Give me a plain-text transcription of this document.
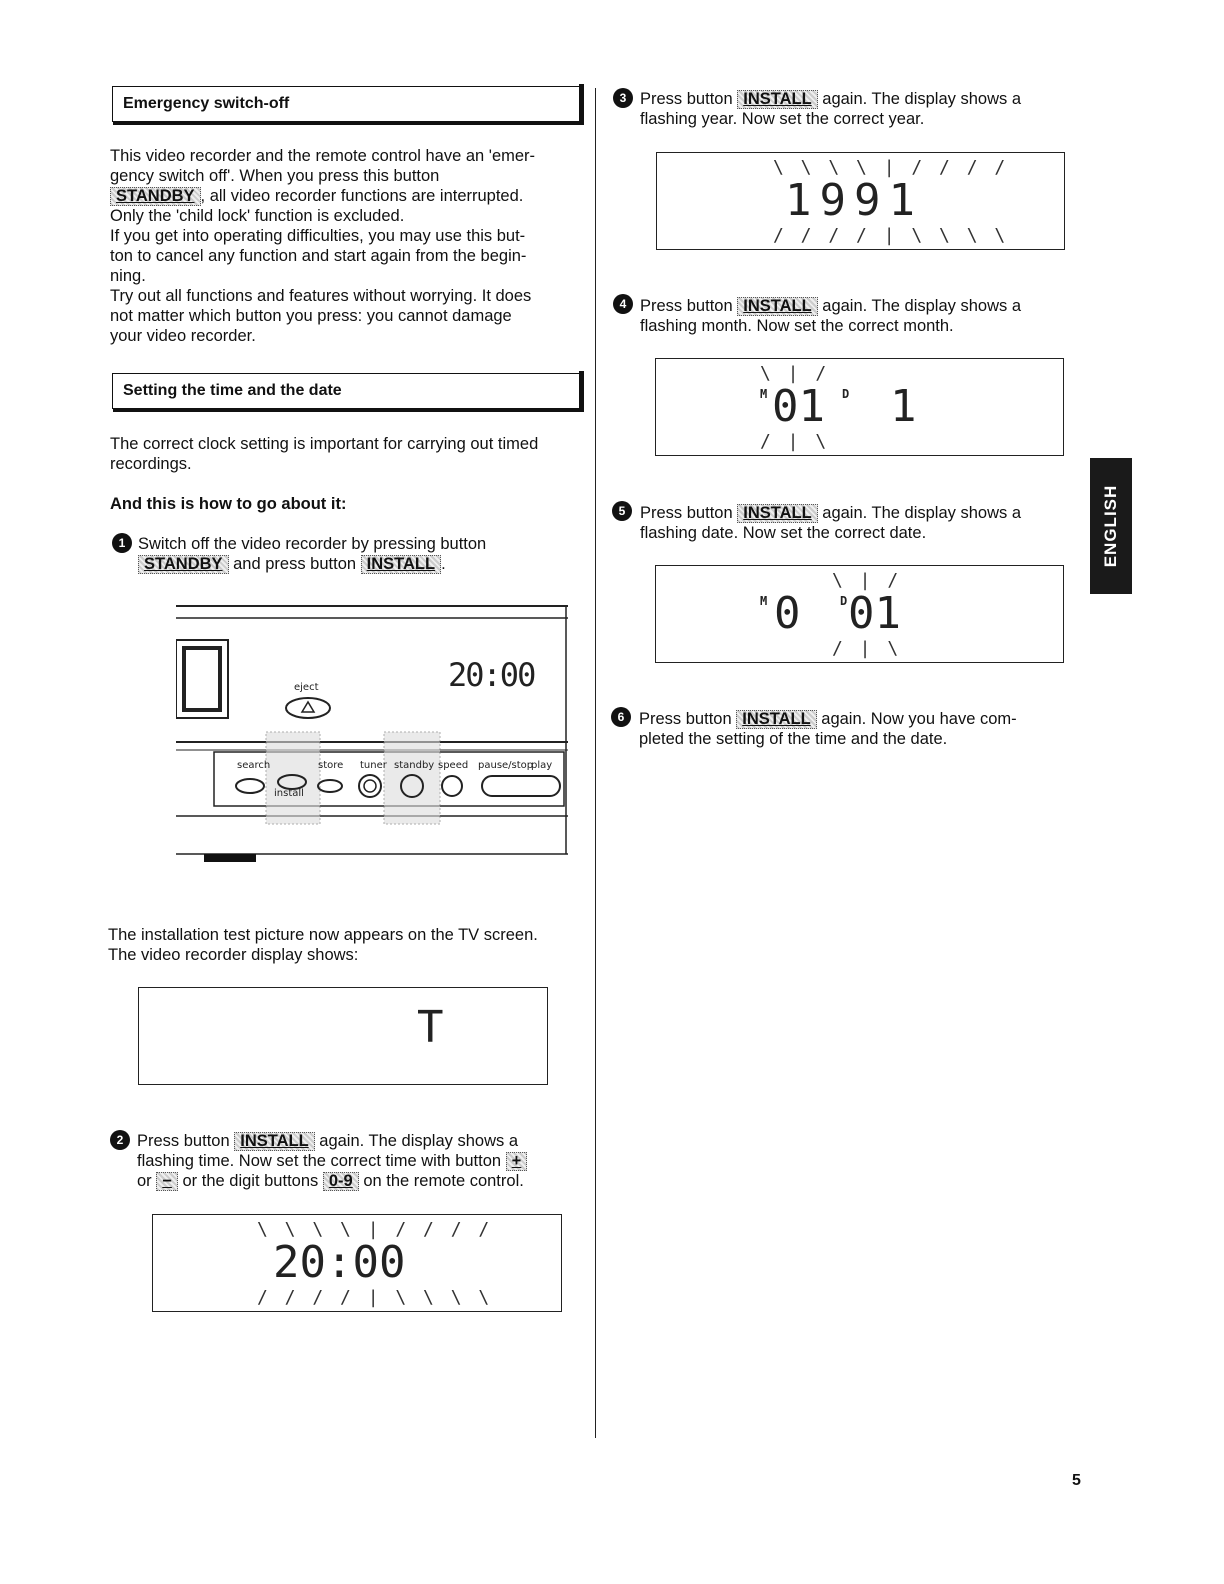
Emergency switch-off

This video recorder and the remote control have an 'emer-

gency switch off'. When you press this button

STANDBY , all video recorder functions are interrupted.

Only the 'child lock' function is excluded.

If you get into operating difficulties, you may use this but-

ton to cancel any function and start again from the begin-

ning.

Try out all functions and features without worrying. It does

not matter which button you press: you cannot damage

your video recorder.

Setting the time and the date

The correct clock setting is important for carrying out timed

recordings.

And this is how to go about it:

1 Switch off the video recorder by pressing button

STANDBY and press button INSTALL .

20:00
eject
search	store tuner standby speed pause/stop
play
install

The installation test picture now appears on the TV screen.

The video recorder display shows:

T
2 Press button INSTALL again. The display shows a

flashing time. Now set the correct time with button +

or − or the digit buttons 0-9 on the remote control.

\ \ \ \ | / / / /
20:00
/ / / / | \ \ \ \
3 Press button INSTALL again. The display shows a

flashing year. Now set the correct year.

\ \ \ \ | / / / /
1991
/ / / / | \ \ \ \
4 Press button INSTALL again. The display shows a

flashing month. Now set the correct month.

\ | /
M 01 1
D
/ | \
5 Press button INSTALL again. The display shows a

flashing date. Now set the correct date.

\ | /
M 0	D 01
/ | \
6 Press button INSTALL again. Now you have com-

pleted the setting of the time and the date.

ENGLISH
5
